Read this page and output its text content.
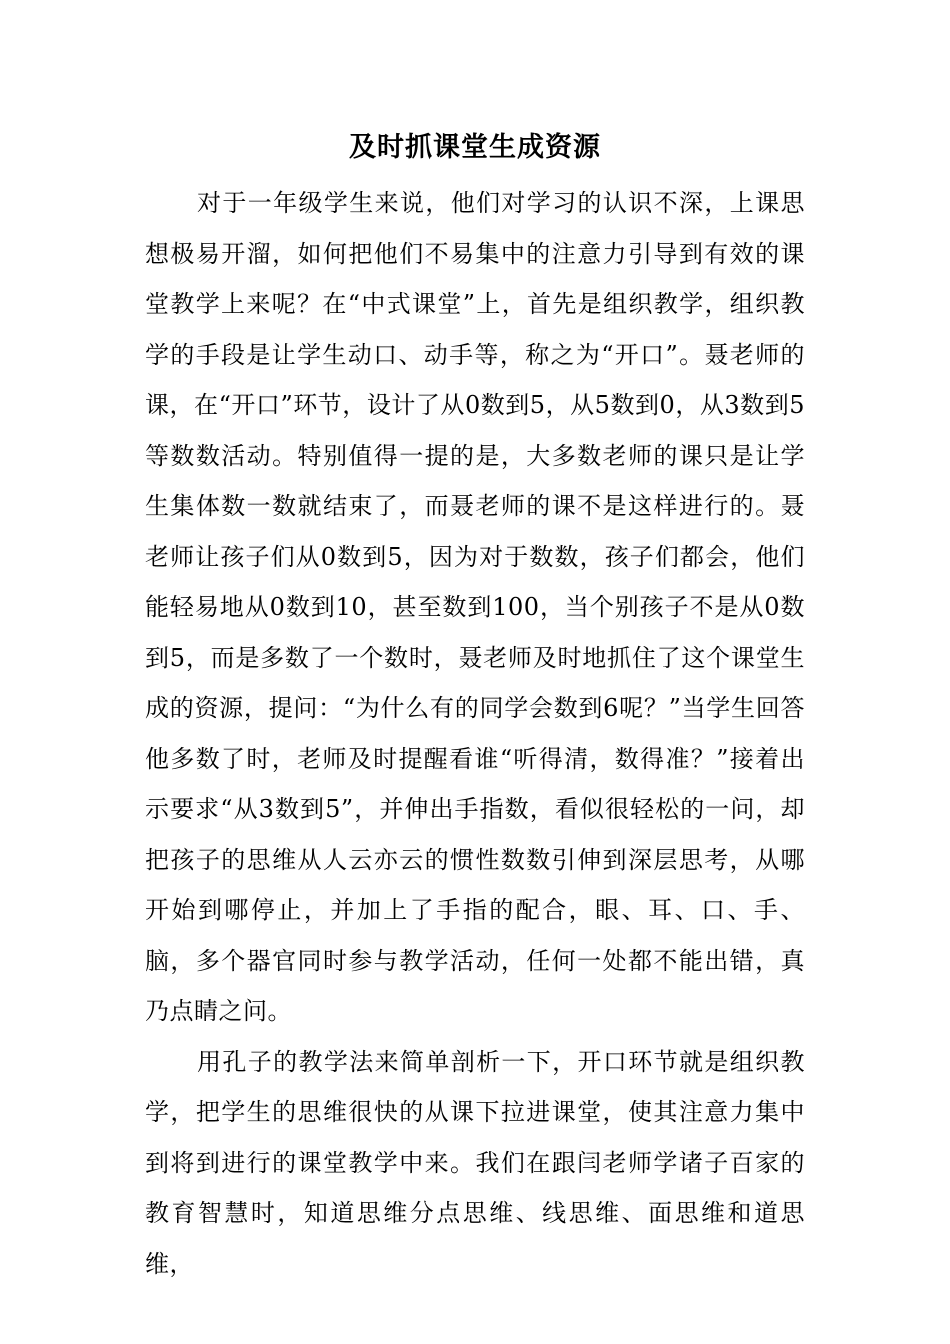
及时抓课堂生成资源

对于一年级学生来说，他们对学习的认识不深，上课思想极易开溜，如何把他们不易集中的注意力引导到有效的课堂教学上来呢？在“中式课堂”上，首先是组织教学，组织教学的手段是让学生动口、动手等，称之为“开口”。聂老师的课，在“开口”环节，设计了从0数到5，从5数到0，从3数到5等数数活动。特别值得一提的是，大多数老师的课只是让学生集体数一数就结束了，而聂老师的课不是这样进行的。聂老师让孩子们从0数到5，因为对于数数，孩子们都会，他们能轻易地从0数到10，甚至数到100，当个别孩子不是从0数到5，而是多数了一个数时，聂老师及时地抓住了这个课堂生成的资源，提问：“为什么有的同学会数到6呢？”当学生回答他多数了时，老师及时提醒看谁“听得清，数得准？”接着出示要求“从3数到5”，并伸出手指数，看似很轻松的一问，却把孩子的思维从人云亦云的惯性数数引伸到深层思考，从哪开始到哪停止，并加上了手指的配合，眼、耳、口、手、脑，多个器官同时参与教学活动，任何一处都不能出错，真乃点睛之问。

用孔子的教学法来简单剖析一下，开口环节就是组织教学，把学生的思维很快的从课下拉进课堂，使其注意力集中到将到进行的课堂教学中来。我们在跟闫老师学诸子百家的教育智慧时，知道思维分点思维、线思维、面思维和道思维，
